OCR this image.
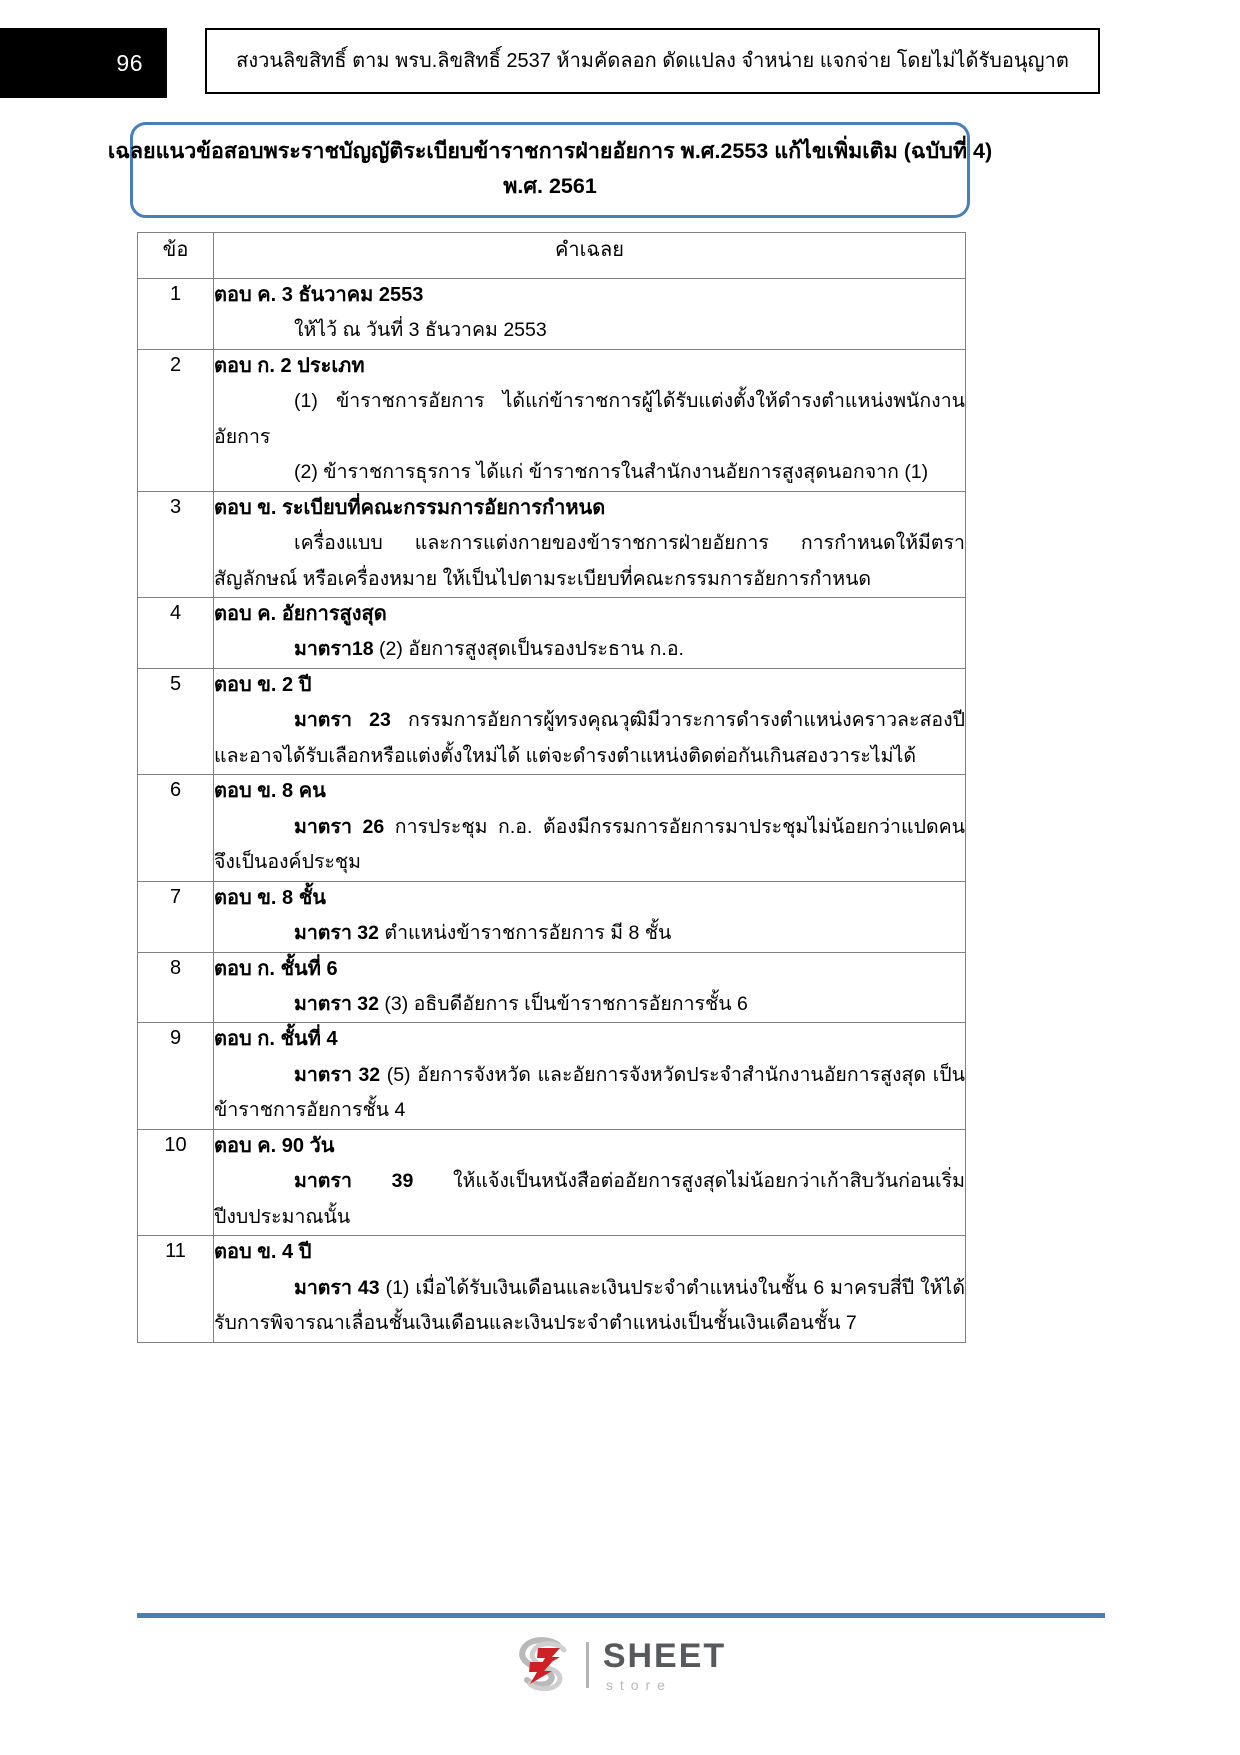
96	สงวนลิขสิทธิ์ ตาม พรบ.ลิขสิทธิ์ 2537 ห้ามคัดลอก ดัดแปลง จำหน่าย แจกจ่าย โดยไม่ได้รับอนุญาต
เฉลยแนวข้อสอบพระราชบัญญัติระเบียบข้าราชการฝ่ายอัยการ พ.ศ.2553 แก้ไขเพิ่มเติม (ฉบับที่ 4)
พ.ศ. 2561
ข้อ	คำเฉลย
1	ตอบ ค. 3 ธันวาคม 2553

ให้ไว้ ณ วันที่ 3 ธันวาคม 2553

2	ตอบ ก. 2 ประเภท

(1) ข้าราชการอัยการ ได้แก่ข้าราชการผู้ได้รับแต่งตั้งให้ดำรงตำแหน่งพนักงานอัยการ

(2) ข้าราชการธุรการ ได้แก่ ข้าราชการในสำนักงานอัยการสูงสุดนอกจาก (1)

3	ตอบ ข. ระเบียบที่คณะกรรมการอัยการกำหนด

เครื่องแบบ และการแต่งกายของข้าราชการฝ่ายอัยการ การกำหนดให้มีตราสัญลักษณ์ หรือเครื่องหมาย ให้เป็นไปตามระเบียบที่คณะกรรมการอัยการกำหนด

4	ตอบ ค. อัยการสูงสุด

มาตรา18 (2) อัยการสูงสุดเป็นรองประธาน ก.อ.

5	ตอบ ข. 2 ปี

มาตรา 23 กรรมการอัยการผู้ทรงคุณวุฒิมีวาระการดำรงตำแหน่งคราวละสองปีและอาจได้รับเลือกหรือแต่งตั้งใหม่ได้ แต่จะดำรงตำแหน่งติดต่อกันเกินสองวาระไม่ได้

6	ตอบ ข. 8 คน

มาตรา 26 การประชุม ก.อ. ต้องมีกรรมการอัยการมาประชุมไม่น้อยกว่าแปดคนจึงเป็นองค์ประชุม

7	ตอบ ข. 8 ชั้น

มาตรา 32 ตำแหน่งข้าราชการอัยการ มี 8 ชั้น

8	ตอบ ก. ชั้นที่ 6

มาตรา 32 (3) อธิบดีอัยการ เป็นข้าราชการอัยการชั้น 6

9	ตอบ ก. ชั้นที่ 4

มาตรา 32 (5) อัยการจังหวัด และอัยการจังหวัดประจำสำนักงานอัยการสูงสุด เป็นข้าราชการอัยการชั้น 4

10	ตอบ ค. 90 วัน

มาตรา 39 ให้แจ้งเป็นหนังสือต่ออัยการสูงสุดไม่น้อยกว่าเก้าสิบวันก่อนเริ่มปีงบประมาณนั้น

11	ตอบ ข. 4 ปี

มาตรา 43 (1) เมื่อได้รับเงินเดือนและเงินประจำตำแหน่งในชั้น 6 มาครบสี่ปี ให้ได้รับการพิจารณาเลื่อนชั้นเงินเดือนและเงินประจำตำแหน่งเป็นชั้นเงินเดือนชั้น 7

SHEET
store
